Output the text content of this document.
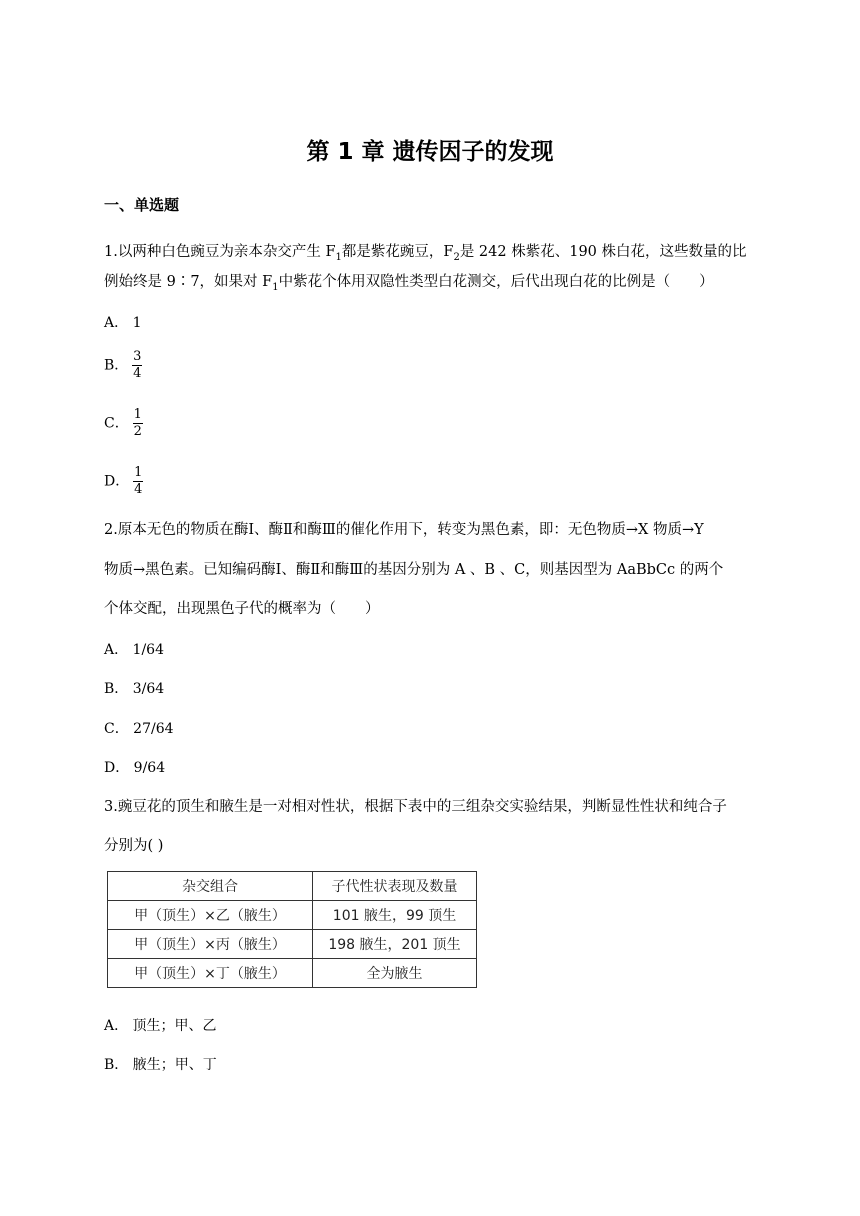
第 1 章 遗传因子的发现
一、单选题
1.以两种白色豌豆为亲本杂交产生 $F_1$都是紫花豌豆，$F_2$是 242 株紫花、190 株白花，这些数量的比
例始终是 9∶7，如果对 $F_1$中紫花个体用双隐性类型白花测交，后代出现白花的比例是（　　）
A． 1
B． $\frac{3}{4}$
C． $\frac{1}{2}$
D． $\frac{1}{4}$
2.原本无色的物质在酶Ⅰ、酶Ⅱ和酶Ⅲ的催化作用下，转变为黑色素，即：无色物质→X 物质→Y
物质→黑色素。已知编码酶Ⅰ、酶Ⅱ和酶Ⅲ的基因分别为 A 、B 、C，则基因型为 AaBbCc 的两个
个体交配，出现黑色子代的概率为（　　）
A． 1/64
B． 3/64
C． 27/64
D． 9/64
3.豌豆花的顶生和腋生是一对相对性状，根据下表中的三组杂交实验结果，判断显性性状和纯合子
分别为( )
杂交组合	子代性状表现及数量
甲（顶生）×乙（腋生）	101 腋生，99 顶生
甲（顶生）×丙（腋生）	198 腋生，201 顶生
甲（顶生）×丁（腋生）	全为腋生
A． 顶生；甲、乙
B． 腋生；甲、丁
